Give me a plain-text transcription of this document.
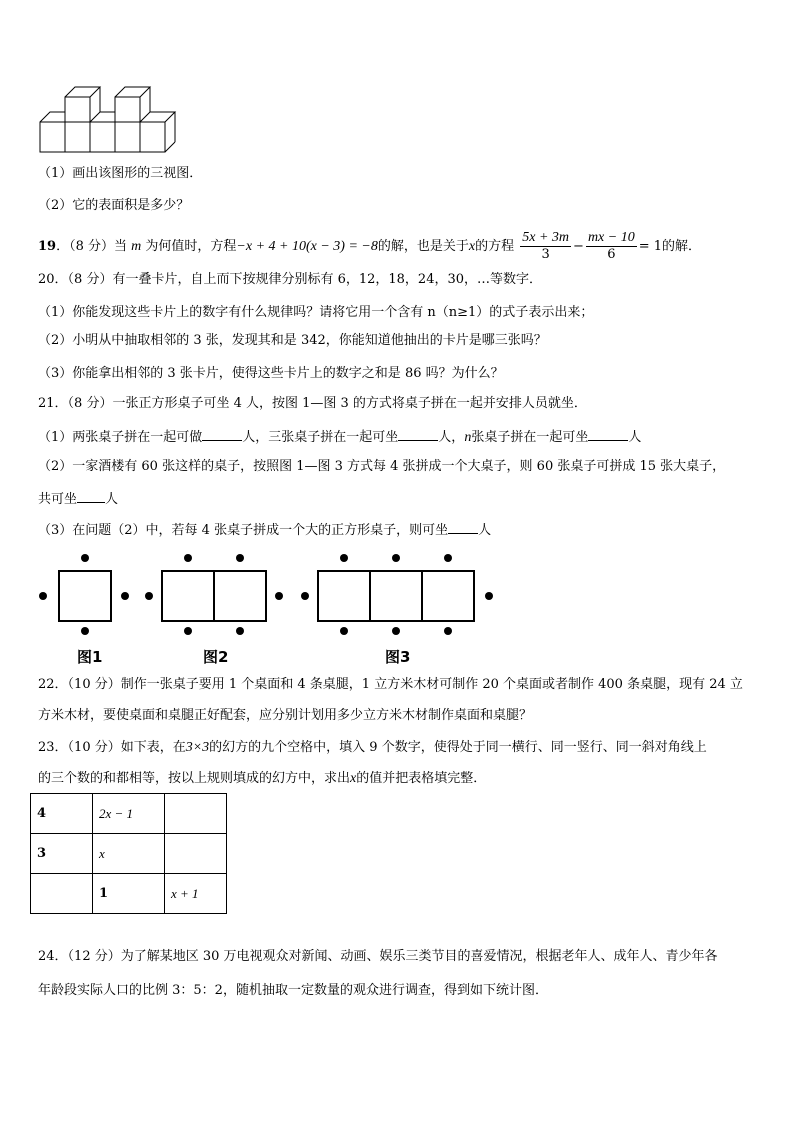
（1）画出该图形的三视图．
（2）它的表面积是多少？
19．（8 分）当 m 为何值时，方程−x + 4 + 10(x − 3) = −8的解，也是关于x的方程 $\frac{5x + 3m}{3} - \frac{mx - 10}{6} = 1$的解．
20．（8 分）有一叠卡片，自上而下按规律分别标有 6，12，18，24，30，…等数字．
（1）你能发现这些卡片上的数字有什么规律吗？请将它用一个含有 n（n≥1）的式子表示出来；
（2）小明从中抽取相邻的 3 张，发现其和是 342，你能知道他抽出的卡片是哪三张吗？
（3）你能拿出相邻的 3 张卡片，使得这些卡片上的数字之和是 86 吗？为什么？
21．（8 分）一张正方形桌子可坐 4 人，按图 1—图 3 的方式将桌子拼在一起并安排人员就坐．
（1）两张桌子拼在一起可做	人，三张桌子拼在一起可坐	人，n张桌子拼在一起可坐	人
（2）一家酒楼有 60 张这样的桌子，按照图 1—图 3 方式每 4 张拼成一个大桌子，则 60 张桌子可拼成 15 张大桌子，
共可坐 人
（3）在问题（2）中，若每 4 张桌子拼成一个大的正方形桌子，则可坐 人
图1	图2	图3
22．（10 分）制作一张桌子要用 1 个桌面和 4 条桌腿，1 立方米木材可制作 20 个桌面或者制作 400 条桌腿，现有 24 立
方米木材，要使桌面和桌腿正好配套，应分别计划用多少立方米木材制作桌面和桌腿？
23．（10 分）如下表，在3×3的幻方的九个空格中，填入 9 个数字，使得处于同一横行、同一竖行、同一斜对角线上
的三个数的和都相等，按以上规则填成的幻方中，求出x的值并把表格填完整．
4	2x − 1	
3	x	
	1	x + 1
24．（12 分）为了解某地区 30 万电视观众对新闻、动画、娱乐三类节目的喜爱情况，根据老年人、成年人、青少年各
年龄段实际人口的比例 3：5：2，随机抽取一定数量的观众进行调查，得到如下统计图．
